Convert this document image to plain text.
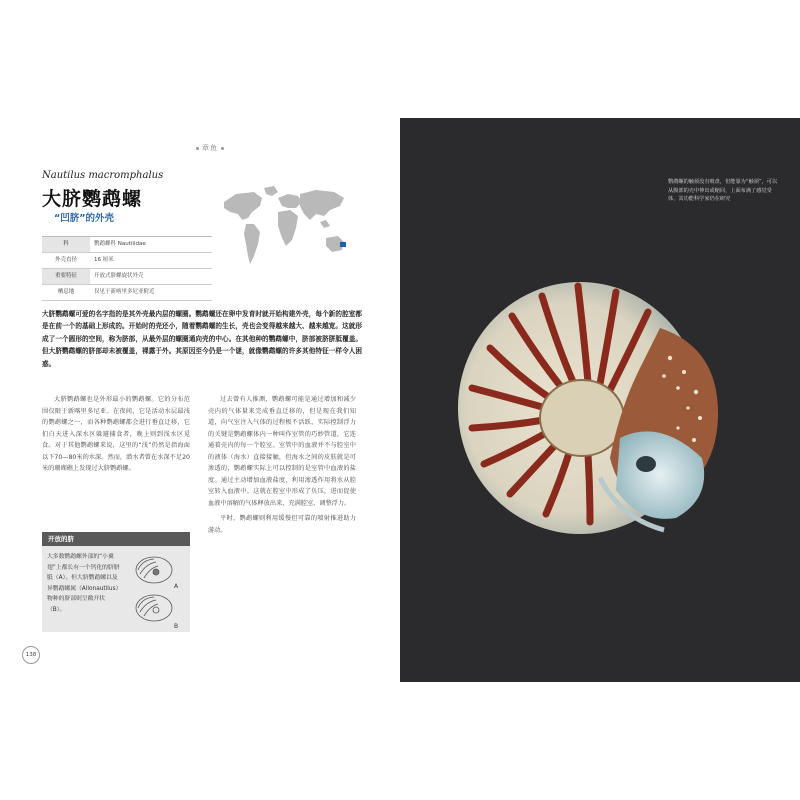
章鱼
Nautilus macromphalus
大脐鹦鹉螺
“凹脐”的外壳
科	鹦鹉螺科 Nautilidae
外壳直径	16 厘米
重要特征	开放式脐螺旋状外壳
栖息地	仅见于新喀里多尼亚附近
大脐鹦鹉螺可爱的名字指的是其外壳最内层的螺圈。鹦鹉螺还在卵中发育时就开始构建外壳，每个新的腔室都是在前一个的基础上形成的。开始时的壳还小，随着鹦鹉螺的生长，壳也会变得越来越大、越来越宽。这就形成了一个圆形的空间，称为脐部，从最外层的螺圈通向壳的中心。在其他种的鹦鹉螺中，脐部被脐胼胝覆盖。但大脐鹦鹉螺的脐部却未被覆盖，裸露于外。其原因至今仍是一个谜，就像鹦鹉螺的许多其他特征一样令人困惑。

大脐鹦鹉螺也是外形最小的鹦鹉螺。它的分布范围仅限于新喀里多尼亚。在夜间，它是活动水层最浅的鹦鹉螺之一，而各种鹦鹉螺都会进行垂直迁移，它们白天进入深水区躲避捕食者，晚上则到浅水区觅食。对于其他鹦鹉螺来说，这里的“浅”仍然是指海面以下70—80米的水深。然而，潜水者曾在水深不足20米的珊瑚礁上发现过大脐鹦鹉螺。

过去曾有人推测，鹦鹉螺可能是通过增加和减少壳内的气体量来完成垂直迁移的，但是现在我们知道，向气室注入气体的过程极不活跃，实际控制浮力的关键是鹦鹉螺体内一种叫作室管的巧妙管道，它连通着壳内的每一个腔室。室管中的血液并不与腔室中的液体（海水）直接接触，但海水之间的皮肤就是可渗透的，鹦鹉螺实际上可以控制的是室管中血液的盐度。通过主动增加血液盐度，利用渗透作用将水从腔室转入血液中。这就在腔室中形成了负压，进而促使血液中溶解的气体释放出来，充满腔室，调整浮力。

平时，鹦鹉螺则利用缓慢但可靠的喷射推进助力游动。

开放的脐
大多数鹦鹉螺外部的“小翼翅”上都长有一个钙化的脐胼胝（A）。但大脐鹦鹉螺以及异鹦鹉螺属（Allonautilus）物种的脐部则呈敞开状（B）。
A
B
138
鹦鹉螺的触须没有吸盘，但能靠为“触须”，可以从腹部的壳中伸出或缩回，上面布满了感觉受体，其功能科学家仍在研究
